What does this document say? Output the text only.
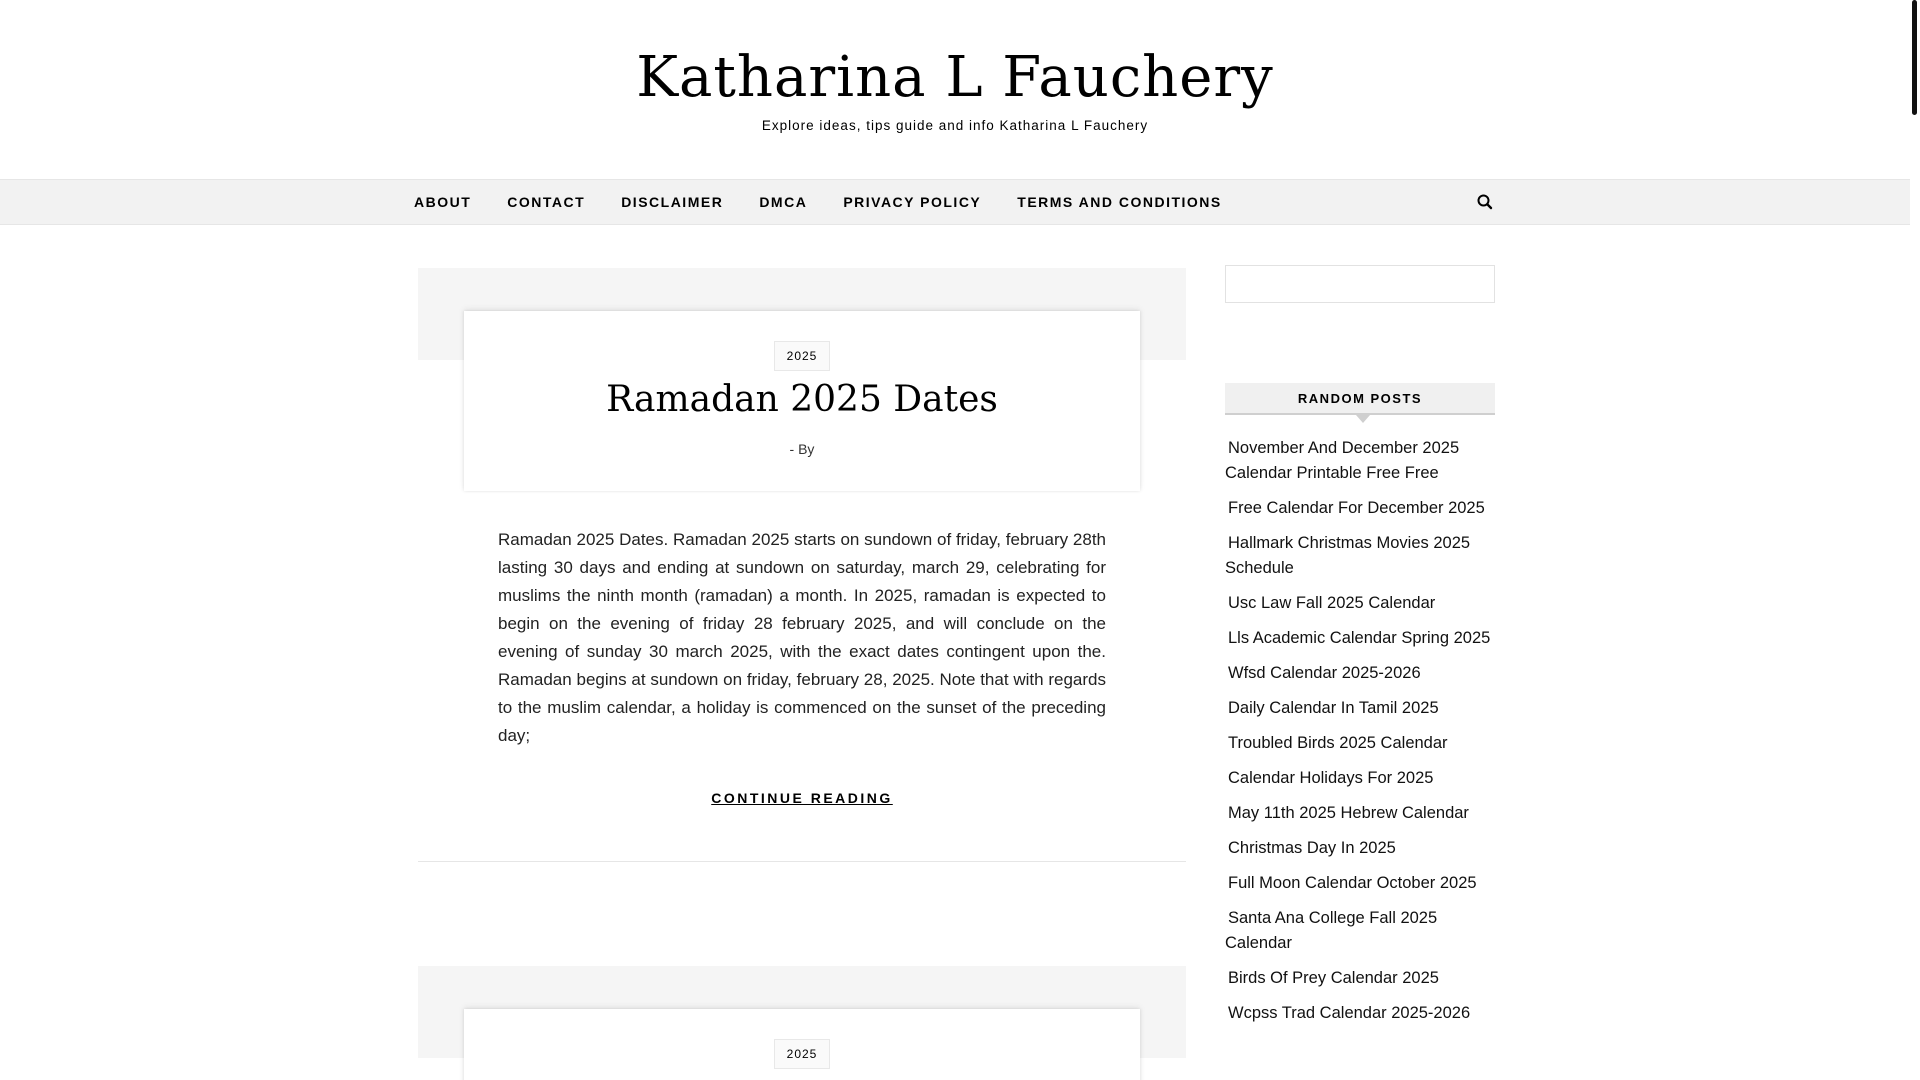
Katharina L Fauchery
Explore ideas, tips guide and info Katharina L Fauchery
ABOUT	CONTACT	DISCLAIMER	DMCA	PRIVACY POLICY	TERMS AND CONDITIONS
2025
Ramadan 2025 Dates
- By
Ramadan 2025 Dates. Ramadan 2025 starts on sundown of friday, february 28th lasting 30 days and ending at sundown on saturday, march 29, celebrating for muslims the ninth month (ramadan) a month. In 2025, ramadan is expected to begin on the evening of friday 28 february 2025, and will conclude on the evening of sunday 30 march 2025, with the exact dates contingent upon the. Ramadan begins at sundown on friday, february 28, 2025. Note that with regards to the muslim calendar, a holiday is commenced on the sunset of the preceding day;
CONTINUE READING
2025
RANDOM POSTS
November And December 2025 Calendar Printable Free Free
Free Calendar For December 2025
Hallmark Christmas Movies 2025 Schedule
Usc Law Fall 2025 Calendar
Lls Academic Calendar Spring 2025
Wfsd Calendar 2025-2026
Daily Calendar In Tamil 2025
Troubled Birds 2025 Calendar
Calendar Holidays For 2025
May 11th 2025 Hebrew Calendar
Christmas Day In 2025
Full Moon Calendar October 2025
Santa Ana College Fall 2025 Calendar
Birds Of Prey Calendar 2025
Wcpss Trad Calendar 2025-2026
